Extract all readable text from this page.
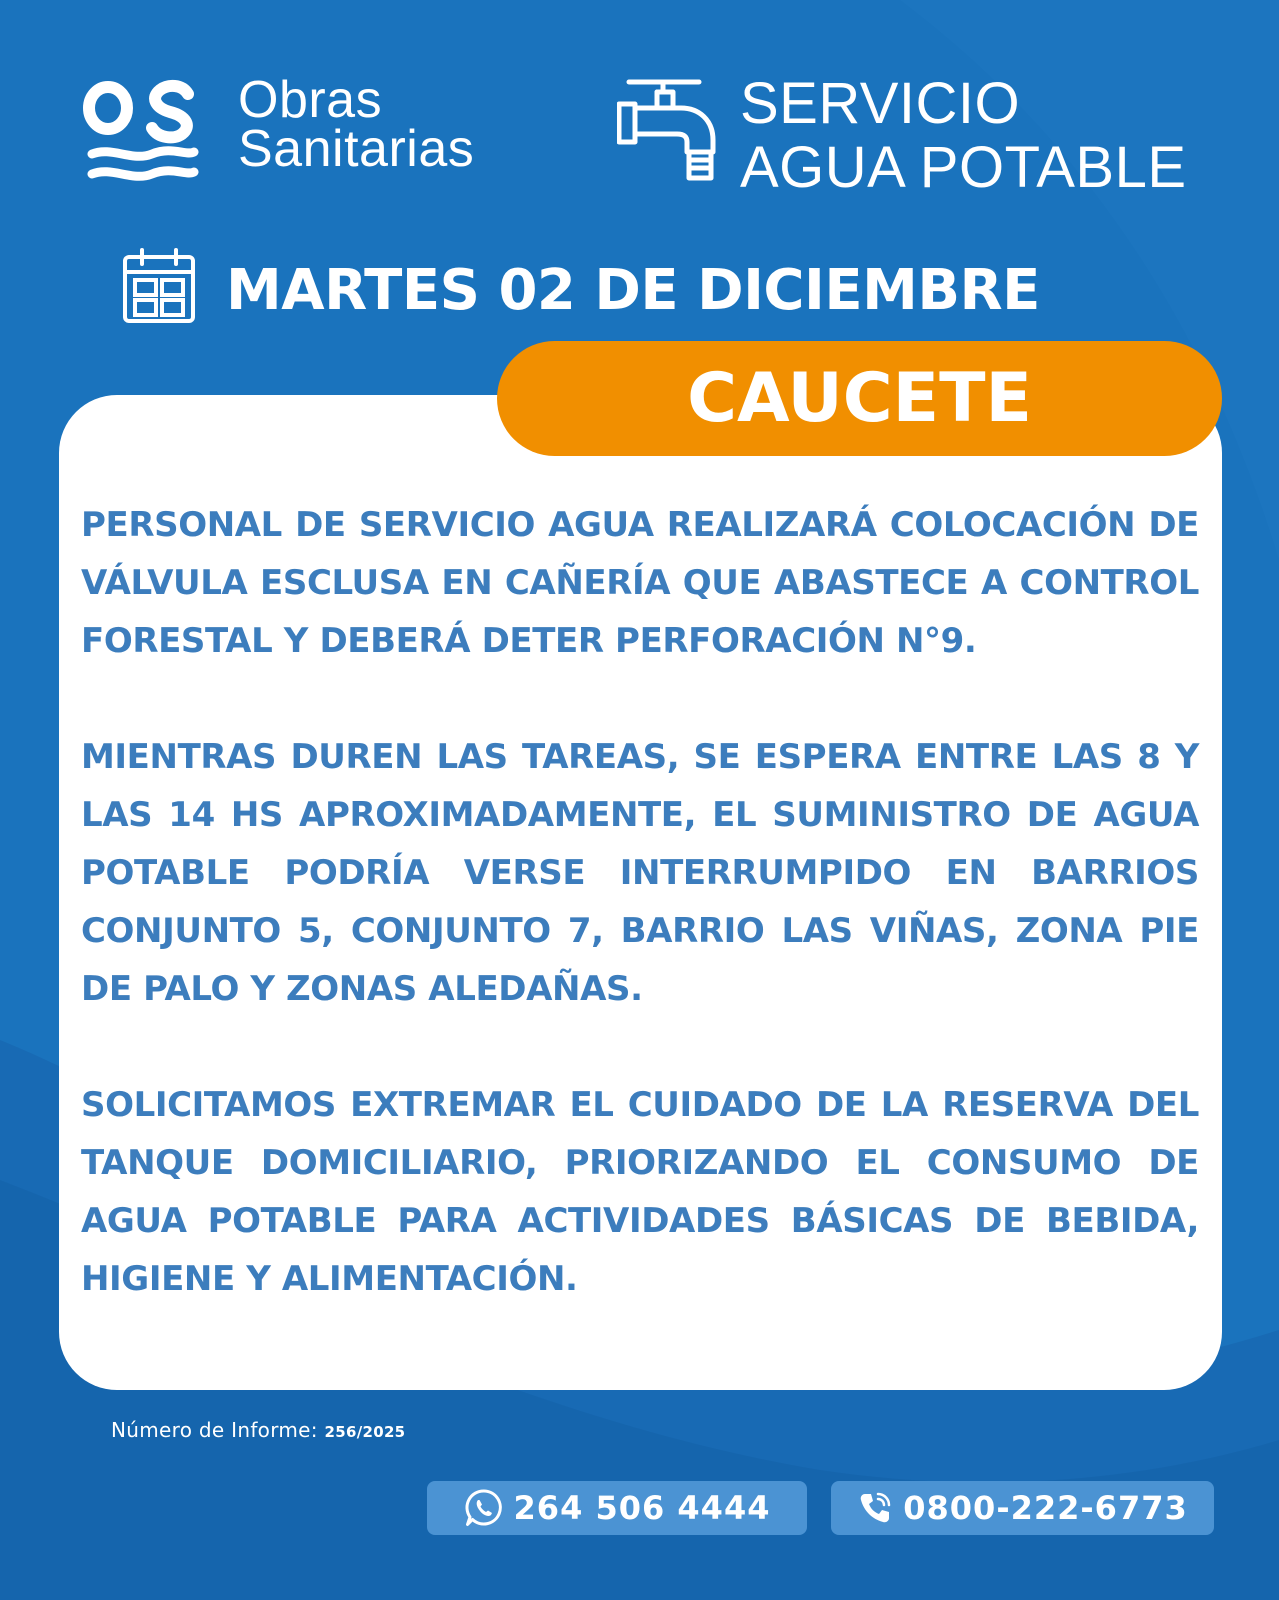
Obras
Sanitarias
SERVICIO
AGUA POTABLE
MARTES 02 DE DICIEMBRE
CAUCETE

PERSONAL DE SERVICIO AGUA REALIZARÁ COLOCACIÓN DE VÁLVULA ESCLUSA EN CAÑERÍA QUE ABASTECE A CONTROL FORESTAL Y DEBERÁ DETER PERFORACIÓN N°9.

MIENTRAS DUREN LAS TAREAS, SE ESPERA ENTRE LAS 8 Y LAS 14 HS APROXIMADAMENTE, EL SUMINISTRO DE AGUA POTABLE PODRÍA VERSE INTERRUMPIDO EN BARRIOS CONJUNTO 5, CONJUNTO 7, BARRIO LAS VIÑAS, ZONA PIE DE PALO Y ZONAS ALEDAÑAS.

SOLICITAMOS EXTREMAR EL CUIDADO DE LA RESERVA DEL TANQUE DOMICILIARIO, PRIORIZANDO EL CONSUMO DE AGUA POTABLE PARA ACTIVIDADES BÁSICAS DE BEBIDA, HIGIENE Y ALIMENTACIÓN.

Número de Informe: 256/2025
264 506 4444	0800-222-6773
